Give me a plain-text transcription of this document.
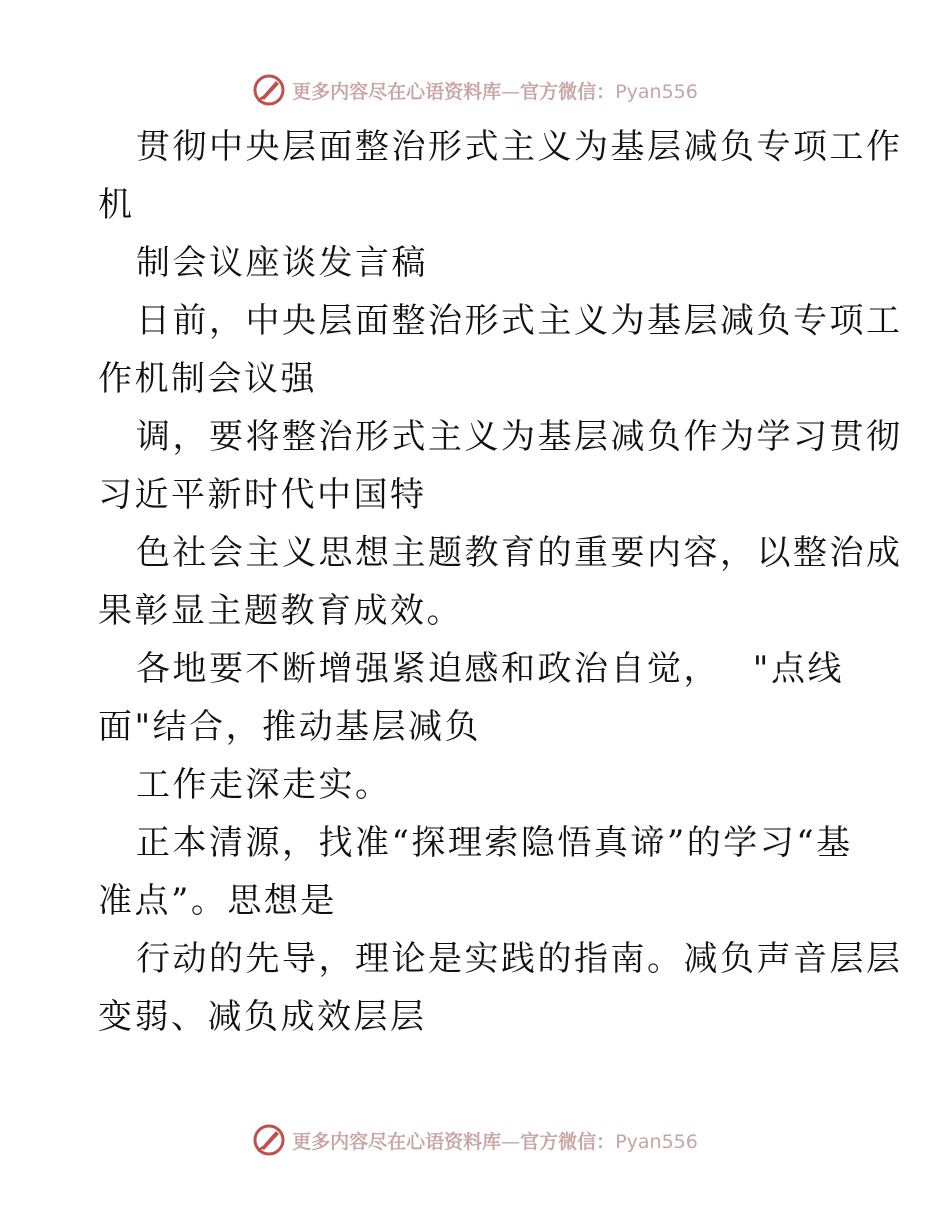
更多内容尽在心语资料库—官方微信：Pyan556
贯彻中央层面整治形式主义为基层减负专项工作
机
制会议座谈发言稿
日前，中央层面整治形式主义为基层减负专项工
作机制会议强
调，要将整治形式主义为基层减负作为学习贯彻
习近平新时代中国特
色社会主义思想主题教育的重要内容，以整治成
果彰显主题教育成效。
各地要不断增强紧迫感和政治自觉，　 "点线
面"结合，推动基层减负
工作走深走实。
正本清源，找准“探理索隐悟真谛”的学习“基
准点”。思想是
行动的先导，理论是实践的指南。减负声音层层
变弱、减负成效层层
更多内容尽在心语资料库—官方微信：Pyan556
